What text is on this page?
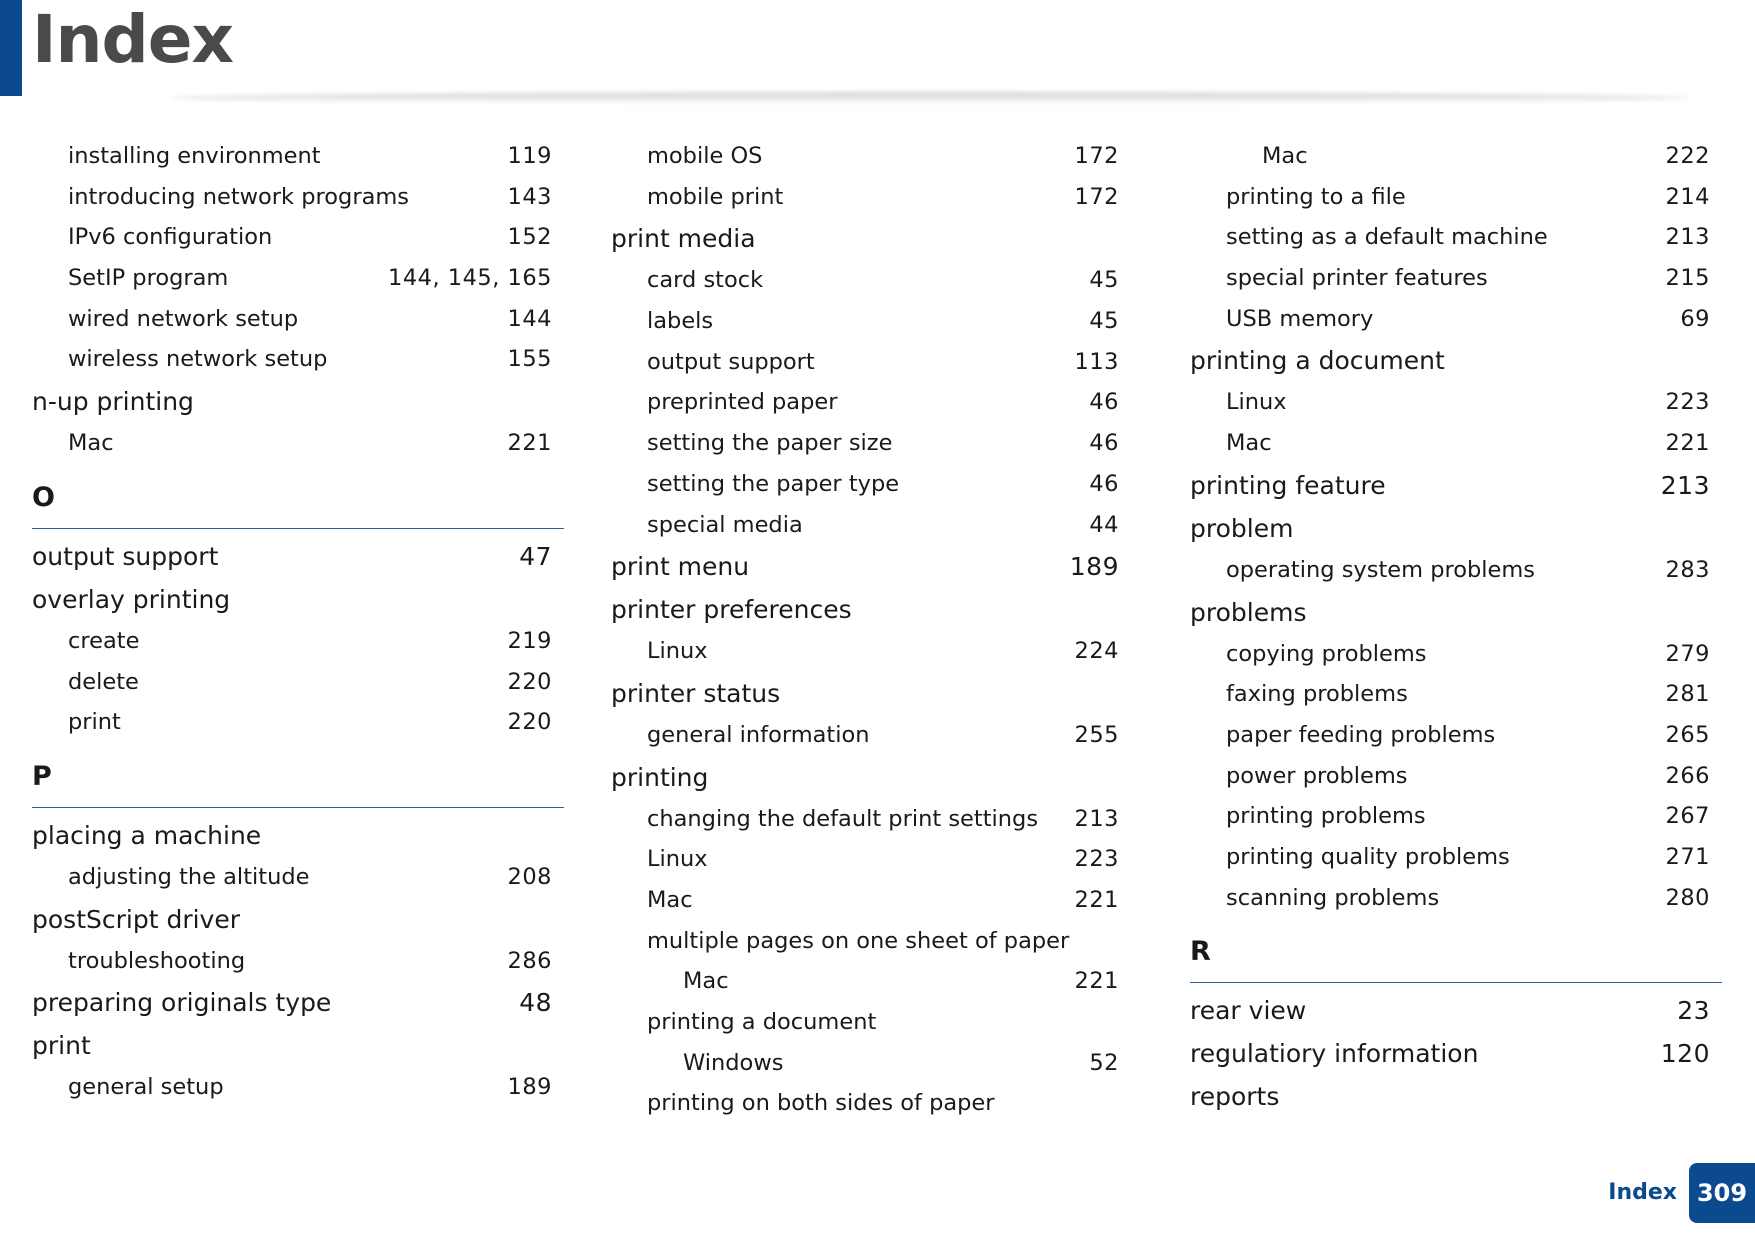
Index
installing environment	119
introducing network programs	143
IPv6 configuration	152
SetIP program	144, 145, 165
wired network setup	144
wireless network setup	155
n-up printing
Mac	221
O
output support	47
overlay printing
create	219
delete	220
print	220
P
placing a machine
adjusting the altitude	208
postScript driver
troubleshooting	286
preparing originals type	48
print
general setup	189
mobile OS	172
mobile print	172
print media
card stock	45
labels	45
output support	113
preprinted paper	46
setting the paper size	46
setting the paper type	46
special media	44
print menu	189
printer preferences
Linux	224
printer status
general information	255
printing
changing the default print settings	213
Linux	223
Mac	221
multiple pages on one sheet of paper
Mac	221
printing a document
Windows	52
printing on both sides of paper
Mac	222
printing to a file	214
setting as a default machine	213
special printer features	215
USB memory	69
printing a document
Linux	223
Mac	221
printing feature	213
problem
operating system problems	283
problems
copying problems	279
faxing problems	281
paper feeding problems	265
power problems	266
printing problems	267
printing quality problems	271
scanning problems	280
R
rear view	23
regulatiory information	120
reports
Index 309
